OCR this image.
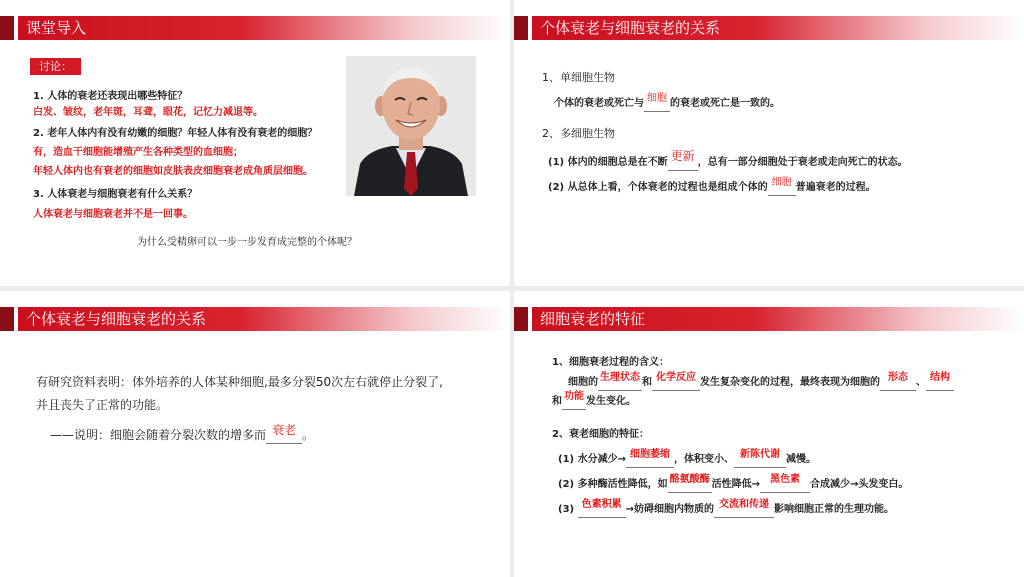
课堂导入
讨论：
1. 人体的衰老还表现出哪些特征？
白发、皱纹，老年斑，耳聋，眼花，记忆力减退等。
2. 老年人体内有没有幼嫩的细胞？年轻人体有没有衰老的细胞？
有，造血干细胞能增殖产生各种类型的血细胞；
年轻人体内也有衰老的细胞如皮肤表皮细胞衰老成角质层细胞。
3. 人体衰老与细胞衰老有什么关系？
人体衰老与细胞衰老并不是一回事。
为什么受精卵可以一步一步发育成完整的个体呢？
个体衰老与细胞衰老的关系
1、单细胞生物
个体的衰老或死亡与 细胞 的衰老或死亡是一致的。
2、多细胞生物
(1) 体内的细胞总是在不断 更新 ，总有一部分细胞处于衰老或走向死亡的状态。
(2) 从总体上看，个体衰老的过程也是组成个体的 细胞 普遍衰老的过程。
个体衰老与细胞衰老的关系
有研究资料表明：体外培养的人体某种细胞,最多分裂50次左右就停止分裂了,
并且丧失了正常的功能。
——说明：细胞会随着分裂次数的增多而 衰老 。
细胞衰老的特征
1、细胞衰老过程的含义：
细胞的 生理状态 和 化学反应 发生复杂变化的过程，最终表现为细胞的 形态 、 结构
和 功能 发生变化。
2、衰老细胞的特征：
(1) 水分减少→ 细胞萎缩 ，体积变小、 新陈代谢 减慢。
(2) 多种酶活性降低，如 酪氨酸酶 活性降低→ 黑色素 合成减少→头发变白。
(3) 色素积累 →妨碍细胞内物质的 交流和传递 影响细胞正常的生理功能。
